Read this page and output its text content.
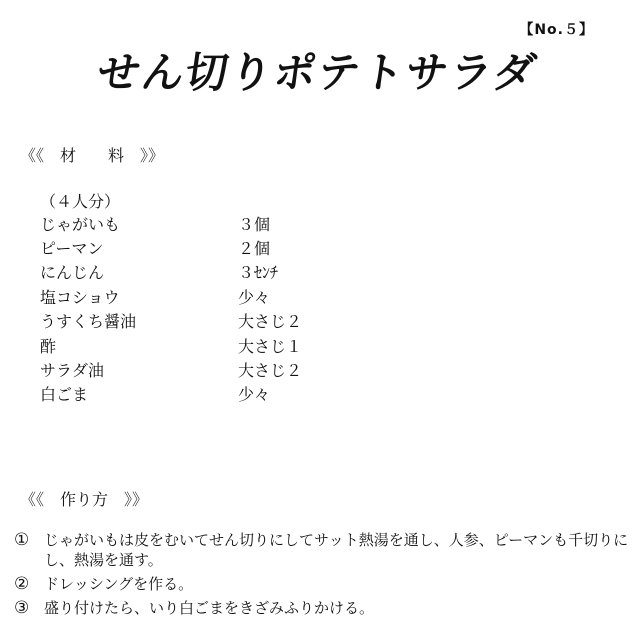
【No.５】
せん切りポテトサラダ
《《　材　　料　》》
（４人分）
じゃがいも	３個
ピーマン	２個
にんじん	３ｾﾝﾁ
塩コショウ	少々
うすくち醤油	大さじ２
酢	大さじ１
サラダ油	大さじ２
白ごま	少々
《《　作り方　》》
① じゃがいもは皮をむいてせん切りにしてサット熱湯を通し、人参、ピーマンも千切りにし、熱湯を通す。
② ドレッシングを作る。
③ 盛り付けたら、いり白ごまをきざみふりかける。
